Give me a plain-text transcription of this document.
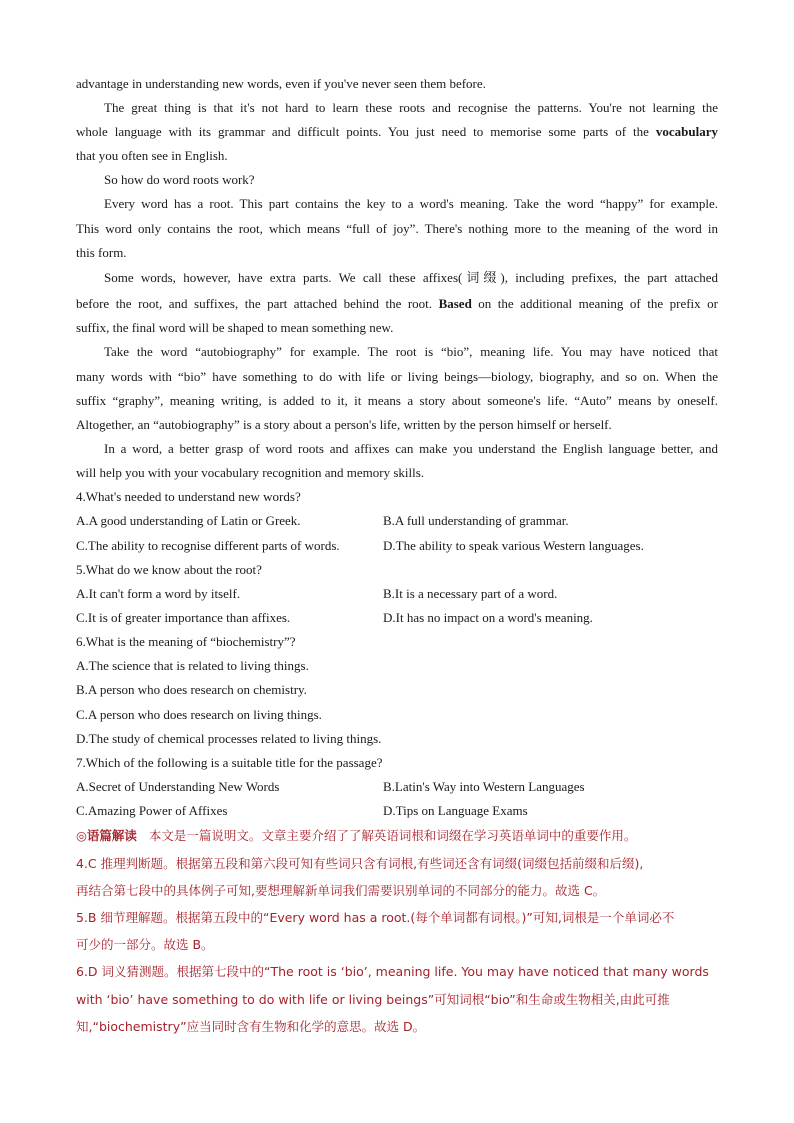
advantage in understanding new words, even if you've never seen them before.
The great thing is that it's not hard to learn these roots and recognise the patterns. You're not learning the
whole language with its grammar and difficult points. You just need to memorise some parts of the vocabulary
that you often see in English.
So how do word roots work?
Every word has a root. This part contains the key to a word's meaning. Take the word “happy” for example.
This word only contains the root, which means “full of joy”. There's nothing more to the meaning of the word in
this form.
Some words, however, have extra parts. We call these affixes(词缀), including prefixes, the part attached
before the root, and suffixes, the part attached behind the root. Based on the additional meaning of the prefix or
suffix, the final word will be shaped to mean something new.
Take the word “autobiography” for example. The root is “bio”, meaning life. You may have noticed that
many words with “bio” have something to do with life or living beings—biology, biography, and so on. When the
suffix “graphy”, meaning writing, is added to it, it means a story about someone's life. “Auto” means by oneself.
Altogether, an “autobiography” is a story about a person's life, written by the person himself or herself.
In a word, a better grasp of word roots and affixes can make you understand the English language better, and
will help you with your vocabulary recognition and memory skills.
4.What's needed to understand new words?
A.A good understanding of Latin or Greek.	B.A full understanding of grammar.
C.The ability to recognise different parts of words.	D.The ability to speak various Western languages.
5.What do we know about the root?
A.It can't form a word by itself.	B.It is a necessary part of a word.
C.It is of greater importance than affixes.	D.It has no impact on a word's meaning.
6.What is the meaning of “biochemistry”?
A.The science that is related to living things.
B.A person who does research on chemistry.
C.A person who does research on living things.
D.The study of chemical processes related to living things.
7.Which of the following is a suitable title for the passage?
A.Secret of Understanding New Words	B.Latin's Way into Western Languages
C.Amazing Power of Affixes	D.Tips on Language Exams
◎语篇解读 本文是一篇说明文。文章主要介绍了了解英语词根和词缀在学习英语单词中的重要作用。
4.C 推理判断题。根据第五段和第六段可知有些词只含有词根,有些词还含有词缀(词缀包括前缀和后缀),
再结合第七段中的具体例子可知,要想理解新单词我们需要识别单词的不同部分的能力。故选 C。
5.B 细节理解题。根据第五段中的“Every word has a root.(每个单词都有词根。)”可知,词根是一个单词必不
可少的一部分。故选 B。
6.D 词义猜测题。根据第七段中的“The root is ‘bio’, meaning life. You may have noticed that many words
with ‘bio’ have something to do with life or living beings”可知词根“bio”和生命或生物相关,由此可推
知,“biochemistry”应当同时含有生物和化学的意思。故选 D。
